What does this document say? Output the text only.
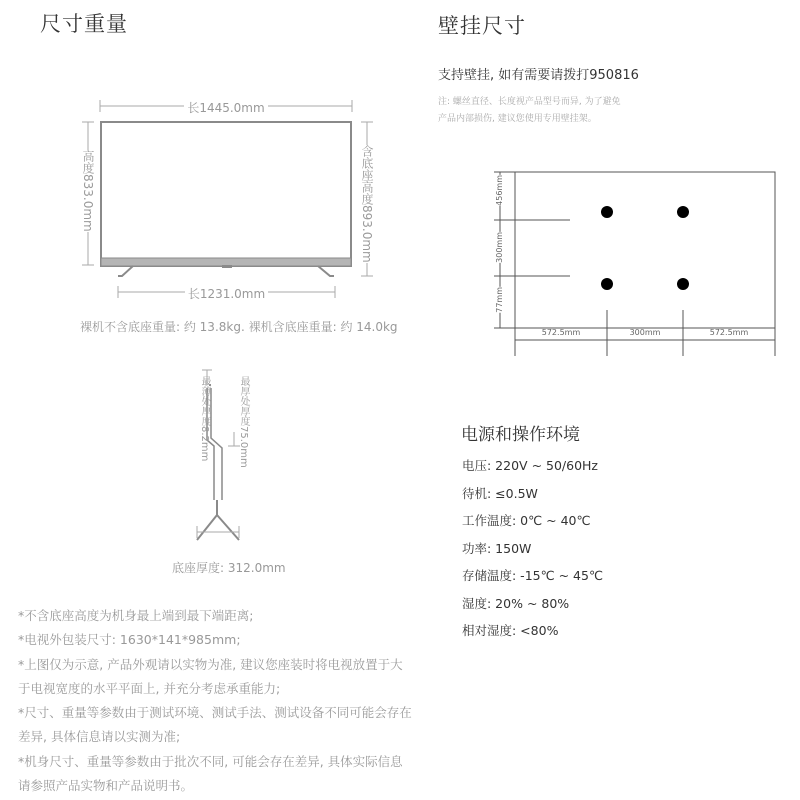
尺寸重量
长1445.0mm
高度833.0mm	含底座高度893.0mm
长1231.0mm
裸机不含底座重量: 约 13.8kg. 裸机含底座重量: 约 14.0kg
最薄处厚度8.2mm	最厚处厚度75.0mm
底座厚度: 312.0mm
*不含底座高度为机身最上端到最下端距离;
*电视外包装尺寸: 1630*141*985mm;
*上图仅为示意, 产品外观请以实物为准, 建议您座装时将电视放置于大
于电视宽度的水平平面上, 并充分考虑承重能力;
*尺寸、重量等参数由于测试环境、测试手法、测试设备不同可能会存在
差异, 具体信息请以实测为准;
*机身尺寸、重量等参数由于批次不同, 可能会存在差异, 具体实际信息
请参照产品实物和产品说明书。
壁挂尺寸
支持壁挂, 如有需要请拨打950816
注: 螺丝直径、长度视产品型号而异, 为了避免
产品内部损伤, 建议您使用专用壁挂架。
456mm
300mm
77mm
572.5mm	300mm	572.5mm
电源和操作环境
电压: 220V ~ 50/60Hz
待机: ≤0.5W
工作温度: 0℃ ~ 40℃
功率: 150W
存储温度: -15℃ ~ 45℃
湿度: 20% ~ 80%
相对湿度: <80%
